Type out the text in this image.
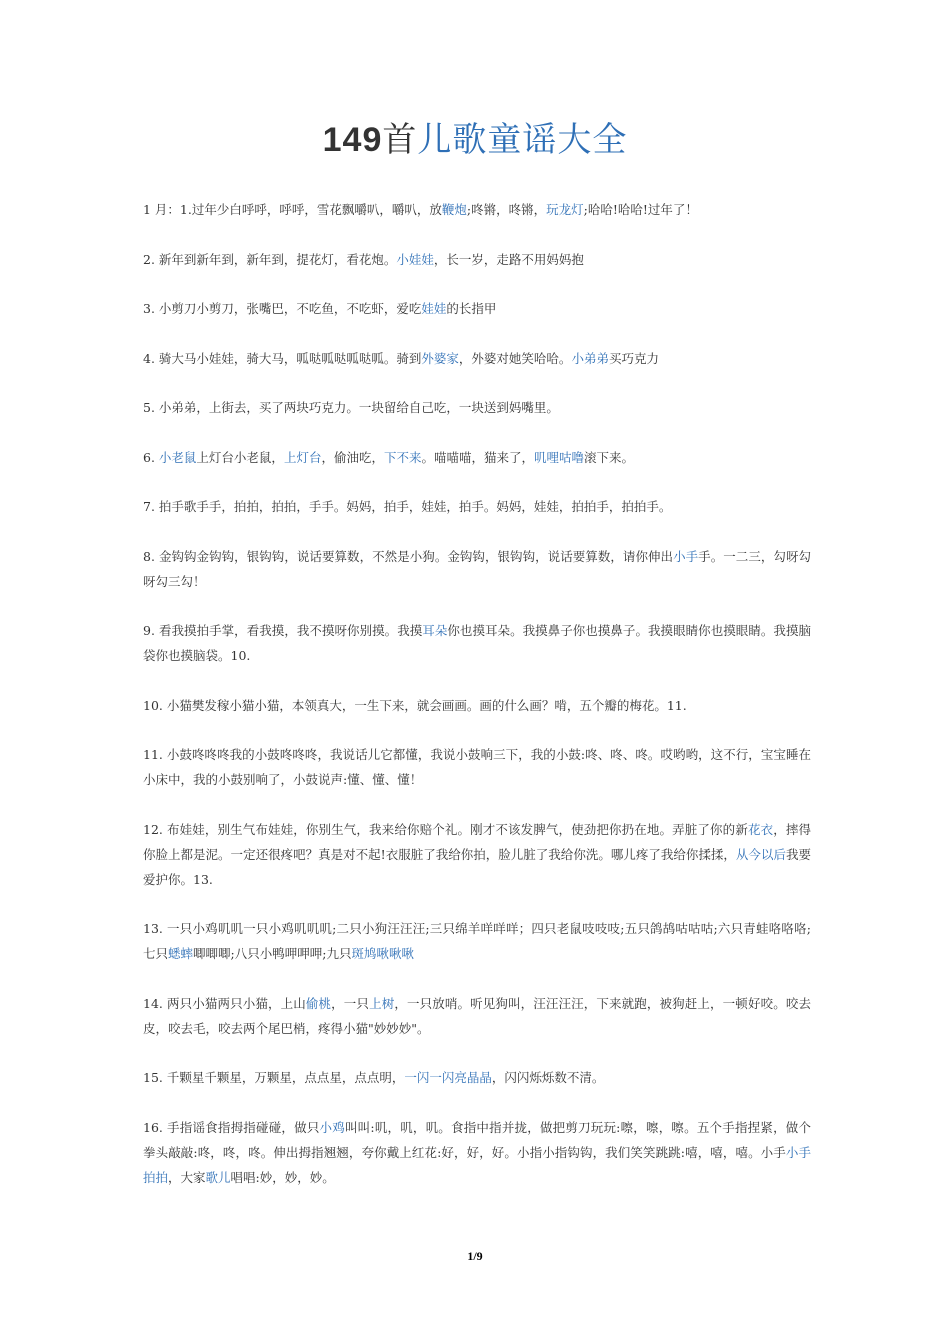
149首儿歌童谣大全

1 月：1.过年少白呼呼，呼呼，雪花飘嚼叭，嚼叭，放鞭炮;咚锵，咚锵，玩龙灯;哈哈!哈哈!过年了！

2. 新年到新年到，新年到，提花灯，看花炮。小娃娃，长一岁，走路不用妈妈抱

3. 小剪刀小剪刀，张嘴巴，不吃鱼，不吃虾，爱吃娃娃的长指甲

4. 骑大马小娃娃，骑大马，呱哒呱哒呱哒呱。骑到外婆家，外婆对她笑哈哈。小弟弟买巧克力

5. 小弟弟，上街去，买了两块巧克力。一块留给自己吃，一块送到妈嘴里。

6. 小老鼠上灯台小老鼠，上灯台，偷油吃，下不来。喵喵喵，猫来了，叽哩咕噜滚下来。

7. 拍手歌手手，拍拍，拍拍，手手。妈妈，拍手，娃娃，拍手。妈妈，娃娃，拍拍手，拍拍手。

8. 金钩钩金钩钩，银钩钩，说话要算数，不然是小狗。金钩钩，银钩钩，说话要算数，请你伸出小手手。一二三，勾呀勾呀勾三勾！

9. 看我摸拍手掌，看我摸，我不摸呀你别摸。我摸耳朵你也摸耳朵。我摸鼻子你也摸鼻子。我摸眼睛你也摸眼睛。我摸脑袋你也摸脑袋。10.

10. 小猫樊发稼小猫小猫，本领真大，一生下来，就会画画。画的什么画？啃，五个瓣的梅花。11.

11. 小鼓咚咚咚我的小鼓咚咚咚，我说话儿它都懂，我说小鼓响三下，我的小鼓:咚、咚、咚。哎哟哟，这不行，宝宝睡在小床中，我的小鼓别响了，小鼓说声:懂、懂、懂！

12. 布娃娃，别生气布娃娃，你别生气，我来给你赔个礼。刚才不该发脾气，使劲把你扔在地。弄脏了你的新花衣，摔得你脸上都是泥。一定还很疼吧？真是对不起!衣服脏了我给你拍，脸儿脏了我给你洗。哪儿疼了我给你揉揉，从今以后我要爱护你。13.

13. 一只小鸡叽叽一只小鸡叽叽叽;二只小狗汪汪汪;三只绵羊咩咩咩；四只老鼠吱吱吱;五只鸽鸪咕咕咕;六只青蛙咯咯咯;七只蟋蟀唧唧唧;八只小鸭呷呷呷;九只斑鸠啾啾啾

14. 两只小猫两只小猫，上山偷桃，一只上树，一只放哨。听见狗叫，汪汪汪汪，下来就跑，被狗赶上，一顿好咬。咬去皮，咬去毛，咬去两个尾巴梢，疼得小猫"妙妙妙"。

15. 千颗星千颗星，万颗星，点点星，点点明，一闪一闪亮晶晶，闪闪烁烁数不清。

16. 手指谣食指拇指碰碰，做只小鸡叫叫:叽，叽，叽。食指中指并拢，做把剪刀玩玩:嚓，嚓，嚓。五个手指捏紧，做个拳头敲敲:咚，咚，咚。伸出拇指翘翘，夸你戴上红花:好，好，好。小指小指钩钩，我们笑笑跳跳:嘻，嘻，嘻。小手小手拍拍，大家歌儿唱唱:妙，妙，妙。

1/9
